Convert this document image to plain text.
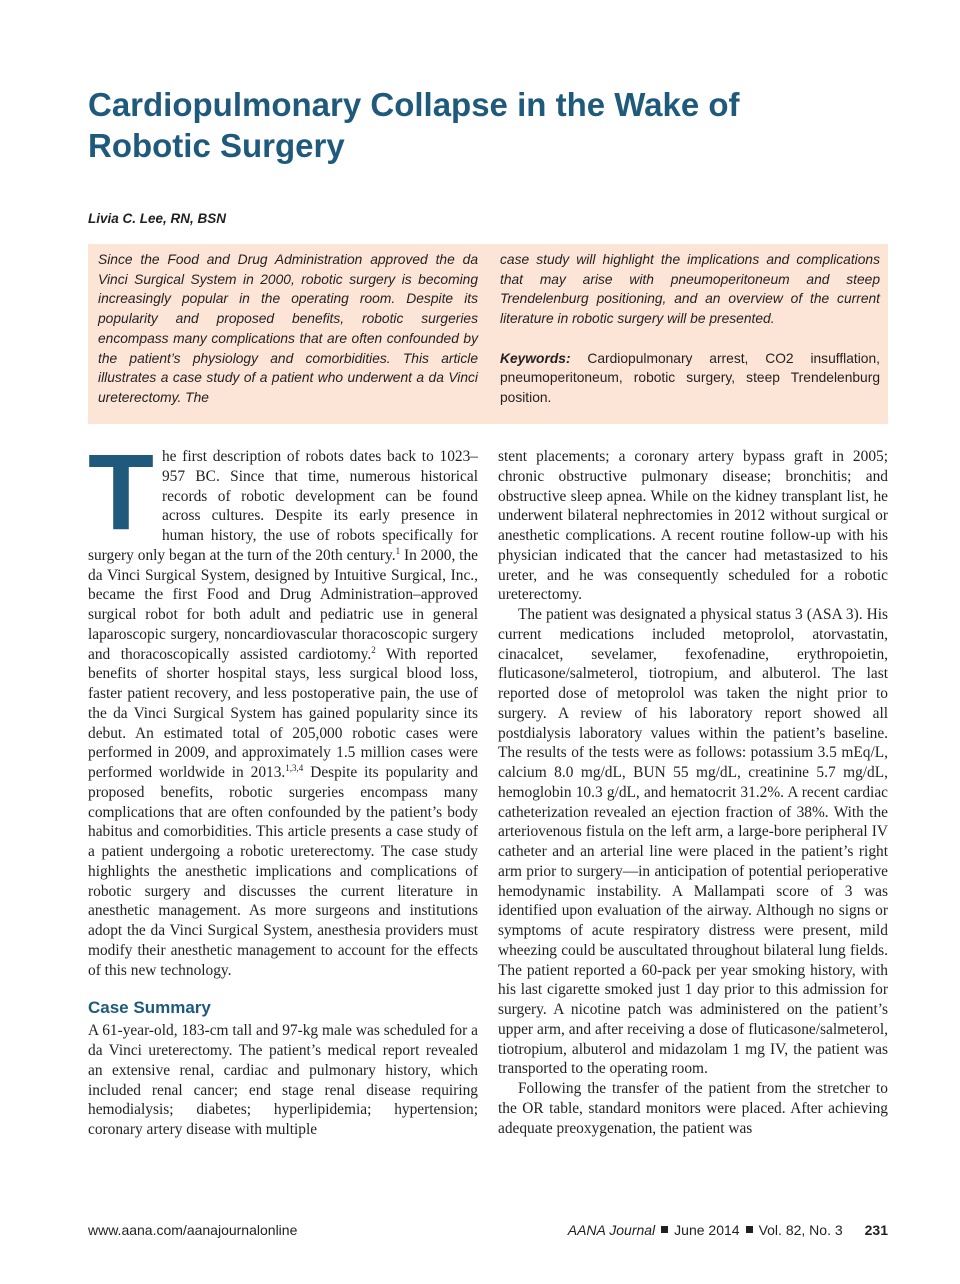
Cardiopulmonary Collapse in the Wake of Robotic Surgery

Livia C. Lee, RN, BSN

Since the Food and Drug Administration approved the da Vinci Surgical System in 2000, robotic surgery is becoming increasingly popular in the operating room. Despite its popularity and proposed benefits, robotic surgeries encompass many complications that are often confounded by the patient’s physiology and comorbidities. This article illustrates a case study of a patient who underwent a da Vinci ureterectomy. The

case study will highlight the implications and complications that may arise with pneumoperitoneum and steep Trendelenburg positioning, and an overview of the current literature in robotic surgery will be presented.

Keywords: Cardiopulmonary arrest, CO2 insufflation, pneumoperitoneum, robotic surgery, steep Trendelenburg position.

The first description of robots dates back to 1023–957 BC. Since that time, numerous historical records of robotic development can be found across cultures. Despite its early presence in human history, the use of robots specifically for surgery only began at the turn of the 20th century.$^1$ In 2000, the da Vinci Surgical System, designed by Intuitive Surgical, Inc., became the first Food and Drug Administration–approved surgical robot for both adult and pediatric use in general laparoscopic surgery, noncardiovascular thoracoscopic surgery and thoracoscopically assisted cardiotomy.$^2$ With reported benefits of shorter hospital stays, less surgical blood loss, faster patient recovery, and less postoperative pain, the use of the da Vinci Surgical System has gained popularity since its debut. An estimated total of 205,000 robotic cases were performed in 2009, and approximately 1.5 million cases were performed worldwide in 2013.$^{1,3,4}$ Despite its popularity and proposed benefits, robotic surgeries encompass many complications that are often confounded by the patient’s body habitus and comorbidities. This article presents a case study of a patient undergoing a robotic ureterectomy. The case study highlights the anesthetic implications and complications of robotic surgery and discusses the current literature in anesthetic management. As more surgeons and institutions adopt the da Vinci Surgical System, anesthesia providers must modify their anesthetic management to account for the effects of this new technology.

Case Summary

A 61-year-old, 183-cm tall and 97-kg male was scheduled for a da Vinci ureterectomy. The patient’s medical report revealed an extensive renal, cardiac and pulmonary history, which included renal cancer; end stage renal disease requiring hemodialysis; diabetes; hyperlipidemia; hypertension; coronary artery disease with multiple

stent placements; a coronary artery bypass graft in 2005; chronic obstructive pulmonary disease; bronchitis; and obstructive sleep apnea. While on the kidney transplant list, he underwent bilateral nephrectomies in 2012 without surgical or anesthetic complications. A recent routine follow-up with his physician indicated that the cancer had metastasized to his ureter, and he was consequently scheduled for a robotic ureterectomy.

The patient was designated a physical status 3 (ASA 3). His current medications included metoprolol, atorvastatin, cinacalcet, sevelamer, fexofenadine, erythropoietin, fluticasone/salmeterol, tiotropium, and albuterol. The last reported dose of metoprolol was taken the night prior to surgery. A review of his laboratory report showed all postdialysis laboratory values within the patient’s baseline. The results of the tests were as follows: potassium 3.5 mEq/L, calcium 8.0 mg/dL, BUN 55 mg/dL, creatinine 5.7 mg/dL, hemoglobin 10.3 g/dL, and hematocrit 31.2%. A recent cardiac catheterization revealed an ejection fraction of 38%. With the arteriovenous fistula on the left arm, a large-bore peripheral IV catheter and an arterial line were placed in the patient’s right arm prior to surgery—in anticipation of potential perioperative hemodynamic instability. A Mallampati score of 3 was identified upon evaluation of the airway. Although no signs or symptoms of acute respiratory distress were present, mild wheezing could be auscultated throughout bilateral lung fields. The patient reported a 60-pack per year smoking history, with his last cigarette smoked just 1 day prior to this admission for surgery. A nicotine patch was administered on the patient’s upper arm, and after receiving a dose of fluticasone/salmeterol, tiotropium, albuterol and midazolam 1 mg IV, the patient was transported to the operating room.

Following the transfer of the patient from the stretcher to the OR table, standard monitors were placed. After achieving adequate preoxygenation, the patient was

www.aana.com/aanajournalonline	AANA Journal June 2014 Vol. 82, No. 3 231
